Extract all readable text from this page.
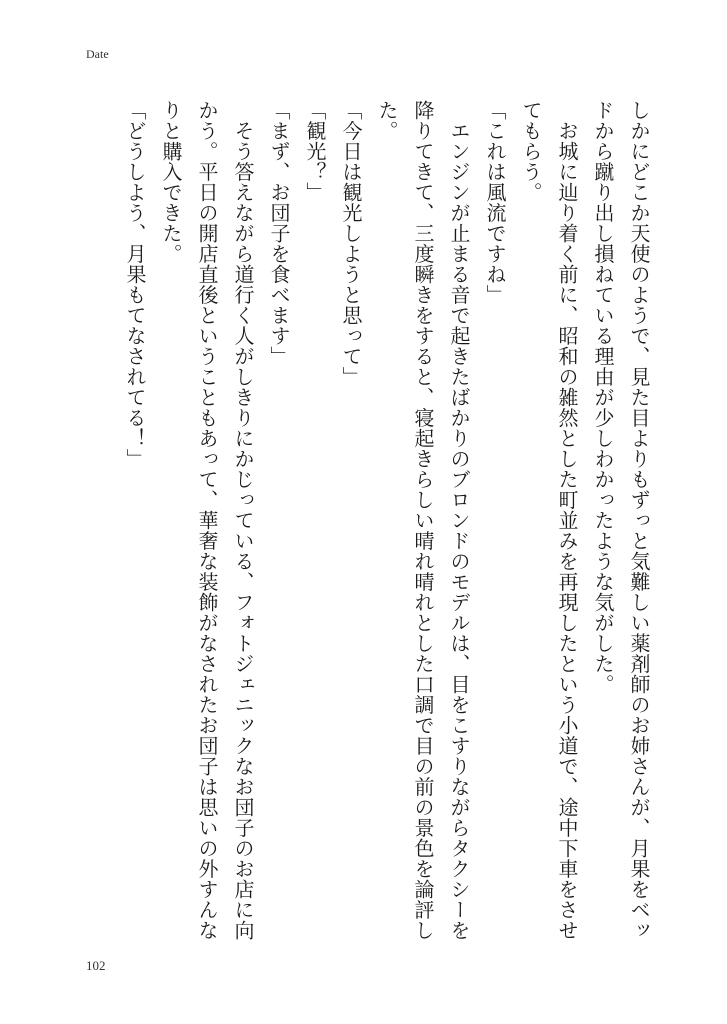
Date

しかにどこか天使のようで、見た目よりもずっと気難しい薬剤師のお姉さんが、月果をベッドから蹴り出し損ねている理由が少しわかったような気がした。

　お城に辿り着く前に、昭和の雑然とした町並みを再現したという小道で、途中下車をさせてもらう。

「これは風流ですね」

　エンジンが止まる音で起きたばかりのブロンドのモデルは、目をこすりながらタクシーを降りてきて、三度瞬きをすると、寝起きらしい晴れ晴れとした口調で目の前の景色を論評した。

「今日は観光しようと思って」

「観光？」

「まず、お団子を食べます」

　そう答えながら道行く人がしきりにかじっている、フォトジェニックなお団子のお店に向かう。平日の開店直後ということもあって、華奢な装飾がなされたお団子は思いの外すんなりと購入できた。

「どうしよう、月果もてなされてる！」

102
